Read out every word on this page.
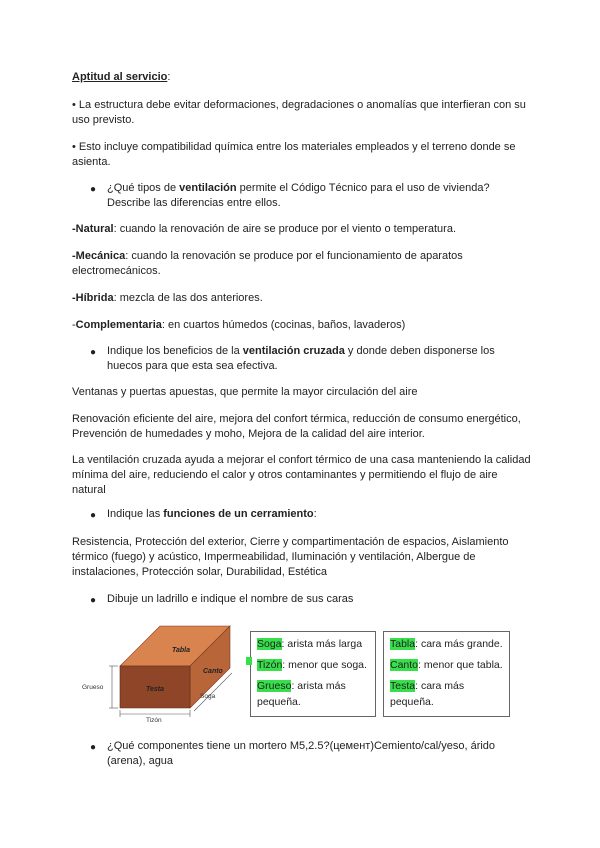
Aptitud al servicio:

• La estructura debe evitar deformaciones, degradaciones o anomalías que interfieran con su uso previsto.

• Esto incluye compatibilidad química entre los materiales empleados y el terreno donde se asienta.

● ¿Qué tipos de ventilación permite el Código Técnico para el uso de vivienda? Describe las diferencias entre ellos.

-Natural: cuando la renovación de aire se produce por el viento o temperatura.

-Mecánica: cuando la renovación se produce por el funcionamiento de aparatos electromecánicos.

-Híbrida: mezcla de las dos anteriores.

-Complementaria: en cuartos húmedos (cocinas, baños, lavaderos)

● Indique los beneficios de la ventilación cruzada y donde deben disponerse los huecos para que esta sea efectiva.

Ventanas y puertas apuestas, que permite la mayor circulación del aire

Renovación eficiente del aire, mejora del confort térmica, reducción de consumo energético, Prevención de humedades y moho, Mejora de la calidad del aire interior.

La ventilación cruzada ayuda a mejorar el confort térmico de una casa manteniendo la calidad mínima del aire, reduciendo el calor y otros contaminantes y permitiendo el flujo de aire natural

● Indique las funciones de un cerramiento:

Resistencia, Protección del exterior, Cierre y compartimentación de espacios, Aislamiento térmico (fuego) y acústico, Impermeabilidad, Iluminación y ventilación, Albergue de instalaciones, Protección solar, Durabilidad, Estética

● Dibuje un ladrillo e indique el nombre de sus caras

Tabla
Canto
Testa
Grueso
Tizón
Soga
Soga: arista más larga
Tizón: menor que soga.
Grueso: arista más
pequeña.
Tabla: cara más grande.
Canto: menor que tabla.
Testa: cara más
pequeña.
● ¿Qué componentes tiene un mortero M5,2.5?(цемент)Cemiento/cal/yeso, árido (arena), agua
